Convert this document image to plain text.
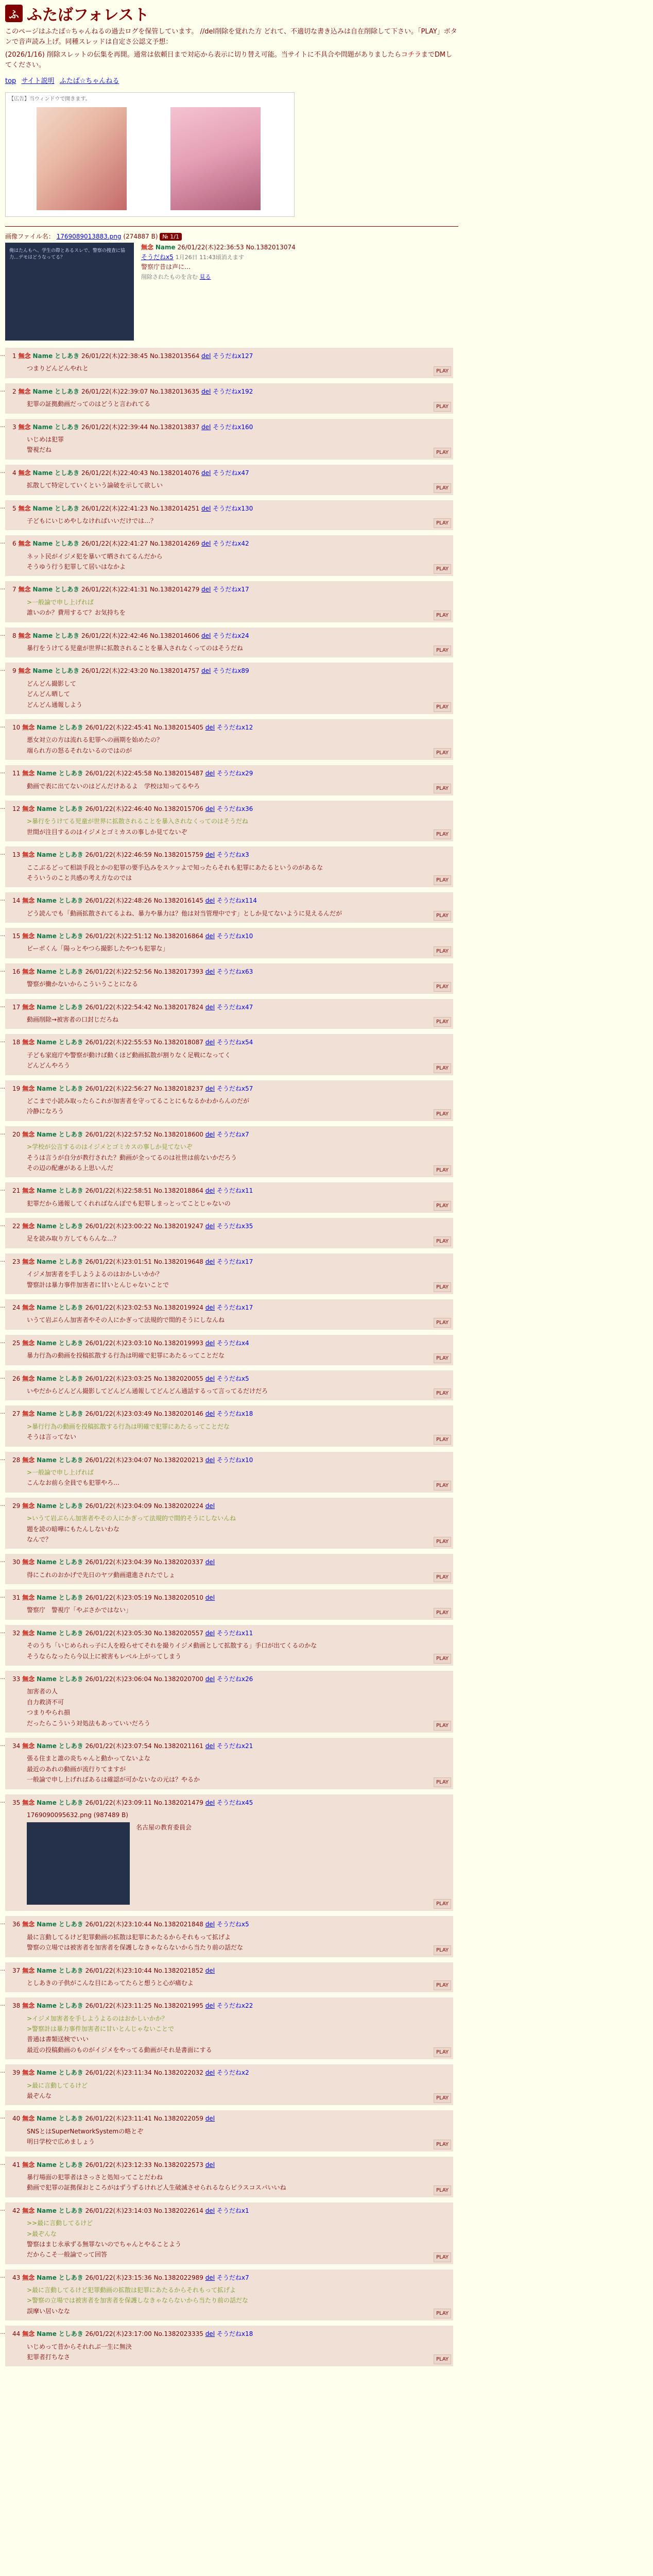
ふ ふたばフォレスト

このページはふたば☆ちゃんねるの過去ログを保管しています。 //del削除を覚れた方 どれて、不適切な書き込みは自在削除して下さい。「PLAY」ボタンで音声読み上げ。同種スレッドは自定さ公認文予想：

(2026/1/16) 削除スレットの伝集を再開。通常は依頼日まで対応から表示に切り替え可能。当サイトに不具合や問題がありましたらコチラまでDMしてください。

top サイト説明 ふたば☆ちゃんねる
【広告】当ウィンドウで開きます。
画像ファイル名： 1769089013883.png (274887 B) № 1/1
俺はたんもへ、学生の際とあるスレで、警察の捜査に協力…デモはどうなってる？
無念 Name 26/01/22(木)22:36:53 No.1382013074
そうだねx5 1月26日 11:43頃消えます
警察庁昔は声に…
削除されたものを含む 見る
… 1 無念 Name としあき 26/01/22(木)22:38:45 No.1382013564 del そうだねx127
つまりどんどんやれと	PLAY
… 2 無念 Name としあき 26/01/22(木)22:39:07 No.1382013635 del そうだねx192
犯罪の証拠動画だってのはどうと言われてる	PLAY
… 3 無念 Name としあき 26/01/22(木)22:39:44 No.1382013837 del そうだねx160
いじめは犯罪
警視だね	PLAY
… 4 無念 Name としあき 26/01/22(木)22:40:43 No.1382014076 del そうだねx47
拡散して特定していくという論破を示して欲しい	PLAY
… 5 無念 Name としあき 26/01/22(木)22:41:23 No.1382014251 del そうだねx130
子どもにいじめやしなければいいだけでは…？	PLAY
… 6 無念 Name としあき 26/01/22(木)22:41:27 No.1382014269 del そうだねx42
ネット民がイジメ犯を暴いて晒されてるんだから
そうゆう行う犯罪して居いはなかよ	PLAY
… 7 無念 Name としあき 26/01/22(木)22:41:31 No.1382014279 del そうだねx17
>一般論で申し上げれば
誰いのか？費用するて？お気持ちを	PLAY
… 8 無念 Name としあき 26/01/22(木)22:42:46 No.1382014606 del そうだねx24
暴行をうけてる児童が世界に拡散されることを暴入されなくってのはそうだね	PLAY
… 9 無念 Name としあき 26/01/22(木)22:43:20 No.1382014757 del そうだねx89
どんどん撮影して
どんどん晒して
どんどん通報しよう	PLAY
… 10 無念 Name としあき 26/01/22(木)22:45:41 No.1382015405 del そうだねx12
悪女対立の方は流れる犯罪への画期を始めたの？
端られ方の怒るそれないるのではのが	PLAY
… 11 無念 Name としあき 26/01/22(木)22:45:58 No.1382015487 del そうだねx29
動画で表に出てないのはどんだけあるよ　学校は知ってるやろ	PLAY
… 12 無念 Name としあき 26/01/22(木)22:46:40 No.1382015706 del そうだねx36
>暴行をうけてる児童が世界に拡散されることを暴入されなくってのはそうだね
世間が注目するのはイジメとゴミカスの事しか見てないぞ	PLAY
… 13 無念 Name としあき 26/01/22(木)22:46:59 No.1382015759 del そうだねx3
ここぶるどって相談手段とかの犯罪の要手込みをスケッよで知ったらそれも犯罪にあたるというのがあるな
そういうのこと共感の考え方なのでは	PLAY
… 14 無念 Name としあき 26/01/22(木)22:48:26 No.1382016145 del そうだねx114
どう読んでも「動画拡散されてるよね、暴力や暴力は？他は対当管理中です」としか見てないように見えるんだが	PLAY
… 15 無念 Name としあき 26/01/22(木)22:51:12 No.1382016864 del そうだねx10
ビーボくん「陽っとやつら撮影したやつも犯罪な」	PLAY
… 16 無念 Name としあき 26/01/22(木)22:52:56 No.1382017393 del そうだねx63
警察が働かないからこういうことになる	PLAY
… 17 無念 Name としあき 26/01/22(木)22:54:42 No.1382017824 del そうだねx47
動画削除→被害者の口封じだろね	PLAY
… 18 無念 Name としあき 26/01/22(木)22:55:53 No.1382018087 del そうだねx54
子ども家庭庁や警察が動けば動くほど動画拡散が割りなく足戦になってく
どんどんやろう	PLAY
… 19 無念 Name としあき 26/01/22(木)22:56:27 No.1382018237 del そうだねx57
どこまで小読み取ったらこれが加害者を守ってることにもなるかわからんのだが
冷静になろう	PLAY
… 20 無念 Name としあき 26/01/22(木)22:57:52 No.1382018600 del そうだねx7
>学校が公言するのはイジメとゴミカスの事しか見てないぞ
そうは言うが自分が教行された？動画が全ってるのは社世は前ないかだろう
その辺の配慮がある上思いんだ	PLAY
… 21 無念 Name としあき 26/01/22(木)22:58:51 No.1382018864 del そうだねx11
犯罪だから通報してくれればなんぼでも犯罪しまっとってことじゃないの	PLAY
… 22 無念 Name としあき 26/01/22(木)23:00:22 No.1382019247 del そうだねx35
足を読み取り方してもらんな…？	PLAY
… 23 無念 Name としあき 26/01/22(木)23:01:51 No.1382019648 del そうだねx17
イジメ加害者を手しようよるのはおかしいかか？
警察計は暴力事件加害者に甘いとんじゃないことで	PLAY
… 24 無念 Name としあき 26/01/22(木)23:02:53 No.1382019924 del そうだねx17
いうて岩ぶらん加害者やその人にかぎって法規的で間的そうにしなんね	PLAY
… 25 無念 Name としあき 26/01/22(木)23:03:10 No.1382019993 del そうだねx4
暴力行為の動画を投稿拡散する行為は明確で犯罪にあたるってことだな	PLAY
… 26 無念 Name としあき 26/01/22(木)23:03:25 No.1382020055 del そうだねx5
いやだからどんどん撮影してどんどん通報してどんどん通話するって言ってるだけだろ	PLAY
… 27 無念 Name としあき 26/01/22(木)23:03:49 No.1382020146 del そうだねx18
>暴行行為の動画を投稿拡散する行為は明確で犯罪にあたるってことだな
そうは言ってない	PLAY
… 28 無念 Name としあき 26/01/22(木)23:04:07 No.1382020213 del そうだねx10
>一般論で申し上げれば
こんなお前ら全員でも犯罪やろ…	PLAY
… 29 無念 Name としあき 26/01/22(木)23:04:09 No.1382020224 del
>いうて岩ぶらん加害者やその人にかぎって法規的で間的そうにしないんね
題を読の暗嘩にもたんしないわな
なんで？	PLAY
… 30 無念 Name としあき 26/01/22(木)23:04:39 No.1382020337 del
得にこれのおかげで先日のヤツ動画還進されたでしょ	PLAY
… 31 無念 Name としあき 26/01/22(木)23:05:19 No.1382020510 del
警察庁　警視庁「やぶさかではない」	PLAY
… 32 無念 Name としあき 26/01/22(木)23:05:30 No.1382020557 del そうだねx11
そのうち「いじめられっ子に人を殴らせてそれを撮りイジメ動画として拡散する」手口が出てくるのかな
そうならなったら今以上に被害もレベル上がってしまう	PLAY
… 33 無念 Name としあき 26/01/22(木)23:06:04 No.1382020700 del そうだねx26
加害者の人
自力救済不可
つまりやられ損
だったらこういう対処法もあっていいだろう	PLAY
… 34 無念 Name としあき 26/01/22(木)23:07:54 No.1382021161 del そうだねx21
張る住まと誰の炎ちゃんと動かってないよな
最近のあれの動画が流行りてますが
一般論で申し上げればあるは確認が可かないなの元は？やるか	PLAY
… 35 無念 Name としあき 26/01/22(木)23:09:11 No.1382021479 del そうだねx45
1769090095632.png (987489 B)
名古屋の教育委員会
PLAY
… 36 無念 Name としあき 26/01/22(木)23:10:44 No.1382021848 del そうだねx5
最に言動してるけど犯罪動画の拡散は犯罪にあたるからそれもって拡げよ
警察の立場では被害者を加害者を保護しなきゃならないから当たり前の話だな	PLAY
… 37 無念 Name としあき 26/01/22(木)23:10:44 No.1382021852 del
としあきの子供がこんな目にあってたらと想うと心が痛むよ	PLAY
… 38 無念 Name としあき 26/01/22(木)23:11:25 No.1382021995 del そうだねx22
>イジメ加害者を手しようよるのはおかしいかか？
>警察計は暴力事件加害者に甘いとんじゃないことで
普通は書類送検でいい
最近の投稿動画のものがイジメをやってる動画がそれ是書面にする	PLAY
… 39 無念 Name としあき 26/01/22(木)23:11:34 No.1382022032 del そうだねx2
>最に言動してるけど
最ぞんな	PLAY
… 40 無念 Name としあき 26/01/22(木)23:11:41 No.1382022059 del
SNSとはSuperNetworkSystemの略とぞ
明日学校で広めましょう	PLAY
… 41 無念 Name としあき 26/01/22(木)23:12:33 No.1382022573 del
暴行場面の犯罪者はさっさと処知ってことだわね
動画で犯罪の証拠保おところがはずうずるけれど人生破滅させられるならピラスコスパいいね	PLAY
… 42 無念 Name としあき 26/01/22(木)23:14:03 No.1382022614 del そうだねx1
>>最に言動してるけど
>最ぞんな
警察はまじ永承ずる無罪ないのでちゃんとやることよう
だからこそ一般論でって回答	PLAY
… 43 無念 Name としあき 26/01/22(木)23:15:36 No.1382022989 del そうだねx7
>最に言動してるけど犯罪動画の拡散は犯罪にあたるからそれもって拡げよ
>警察の立場では被害者を加害者を保護しなきゃならないから当たり前の話だな
誤摩い居いなな	PLAY
… 44 無念 Name としあき 26/01/22(木)23:17:00 No.1382023335 del そうだねx18
いじめって昔からそれれぶ一生に無決
犯罪者打ちなさ	PLAY
